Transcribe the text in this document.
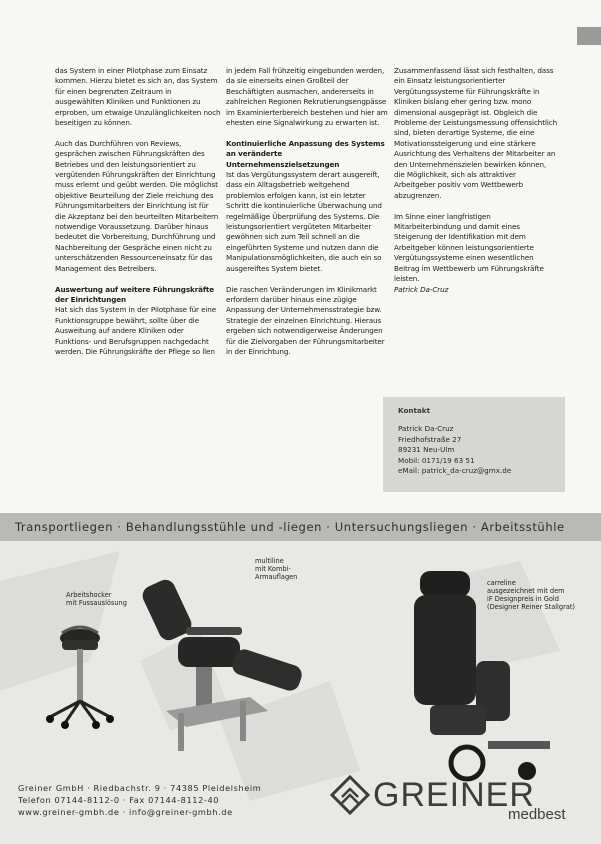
das System in einer Pilotphase zum Einsatz kommen. Hierzu bietet es sich an, das System für einen begrenzten Zeitraum in ausgewählten Kliniken und Funktionen zu erproben, um etwaige Unzulänglichkeiten noch beseitigen zu können.

Auch das Durchführen von Reviews, gesprächen zwischen Führungskräften des Betriebes und den leistungsorientiert zu vergütenden Führungskräften der Einrichtung muss erlernt und geübt werden. Die möglichst objektive Beurteilung der Ziele rreichung des Führungsmitarbeiters der Einrichtung ist für die Akzeptanz bei den beurteilten Mitarbeitern notwendige Voraussetzung. Darüber hinaus bedeutet die Vorbereitung, Durchführung und Nachbereitung der Gespräche einen nicht zu unterschätzenden Ressourceneinsatz für das Management des Betreibers.

Auswertung auf weitere Führungskräfte der Einrichtungen
Hat sich das System in der Pilotphase für eine Funktionsgruppe bewährt, sollte über die Ausweitung auf andere Kliniken oder Funktions- und Berufsgruppen nachgedacht werden. Die Führungskräfte der Pflege so llen

in jedem Fall frühzeitig eingebunden werden, da sie einerseits einen Großteil der Beschäftigten ausmachen, andererseits in zahlreichen Regionen Rekrutierungsengpässe im Examinierterbereich bestehen und hier am ehesten eine Signalwirkung zu erwarten ist.

Kontinuierliche Anpassung des Systems an veränderte Unternehmenszielsetzungen
Ist das Vergütungssystem derart ausgereift, dass ein Alltagsbetrieb weitgehend problemlos erfolgen kann, ist ein letzter Schritt die kontinuierliche Überwachung und regelmäßige Überprüfung des Systems. Die leistungsorientiert vergüteten Mitarbeiter gewöhnen sich zum Teil schnell an die eingeführten Systeme und nutzen dann die Manipulationsmöglichkeiten, die auch ein so ausgereiftes System bietet.

Die raschen Veränderungen im Klinikmarkt erfordern darüber hinaus eine zügige Anpassung der Unternehmensstrategie bzw. Strategie der einzelnen Einrichtung. Hieraus ergeben sich notwendigerweise Änderungen für die Zielvorgaben der Führungsmitarbeiter in der Einrichtung.

Zusammenfassend lässt sich festhalten, dass ein Einsatz leistungsorientierter Vergütungssysteme für Führungskräfte in Kliniken bislang eher gering bzw. mono dimensional ausgeprägt ist. Obgleich die Probleme der Leistungsmessung offensichtlich sind, bieten derartige Systeme, die eine Motivationssteigerung und eine stärkere Ausrichtung des Verhaltens der Mitarbeiter an den Unternehmenszielen bewirken können, die Möglichkeit, sich als attraktiver Arbeitgeber positiv vom Wettbewerb abzugrenzen.

Im Sinne einer langfristigen Mitarbeiterbindung und damit eines Steigerung der Identifikation mit dem Arbeitgeber können leistungsorientierte Vergütungssysteme einen wesentlichen Beitrag im Wettbewerb um Führungskräfte leisten.

Patrick Da-Cruz
Kontakt
Patrick Da-Cruz
Friedhofstraße 27
89231 Neu-Ulm
Mobil: 0171/19 63 51
eMail: patrick_da-cruz@gmx.de
Transportliegen · Behandlungsstühle und -liegen · Untersuchungsliegen · Arbeitsstühle
Arbeitshocker
mit Fussauslösung
multiline
mit Kombi-
Armauflagen
carreline
ausgezeichnet mit dem
iF Designpreis in Gold
(Designer Reiner Stallgrat)
Greiner GmbH · Riedbachstr. 9 · 74385 Pleidelsheim
Telefon 07144-8112-0 · Fax 07144-8112-40
www.greiner-gmbh.de · info@greiner-gmbh.de	GREINER
medbest
